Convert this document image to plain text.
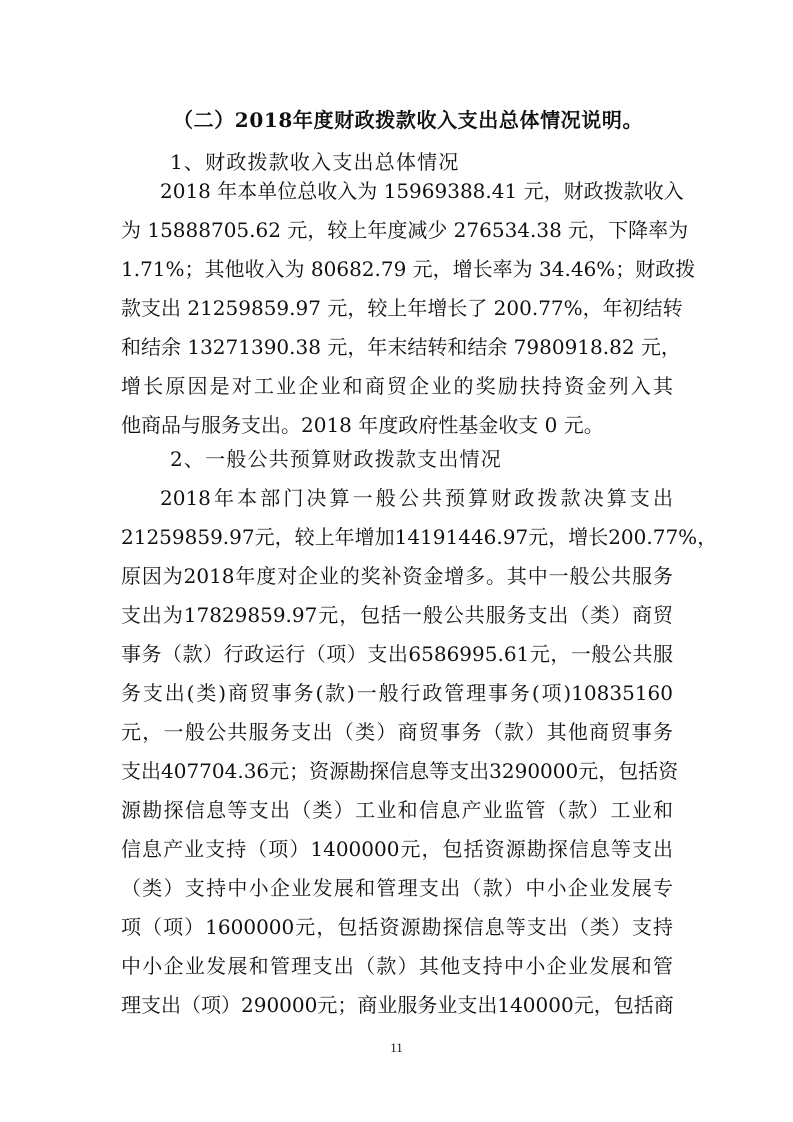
（二）2018年度财政拨款收入支出总体情况说明。
1、财政拨款收入支出总体情况
2018 年本单位总收入为 15969388.41 元，财政拨款收入
为 15888705.62 元，较上年度减少 276534.38 元，下降率为
1.71%；其他收入为 80682.79 元，增长率为 34.46%；财政拨
款支出 21259859.97 元，较上年增长了 200.77%，年初结转
和结余 13271390.38 元，年末结转和结余 7980918.82 元，
增长原因是对工业企业和商贸企业的奖励扶持资金列入其
他商品与服务支出。2018 年度政府性基金收支 0 元。
2、一般公共预算财政拨款支出情况
2018年本部门决算一般公共预算财政拨款决算支出
21259859.97元，较上年增加14191446.97元，增长200.77%，
原因为2018年度对企业的奖补资金增多。其中一般公共服务
支出为17829859.97元，包括一般公共服务支出（类）商贸
事务（款）行政运行（项）支出6586995.61元，一般公共服
务支出(类)商贸事务(款)一般行政管理事务(项)10835160
元，一般公共服务支出（类）商贸事务（款）其他商贸事务
支出407704.36元；资源勘探信息等支出3290000元，包括资
源勘探信息等支出（类）工业和信息产业监管（款）工业和
信息产业支持（项）1400000元，包括资源勘探信息等支出
（类）支持中小企业发展和管理支出（款）中小企业发展专
项（项）1600000元，包括资源勘探信息等支出（类）支持
中小企业发展和管理支出（款）其他支持中小企业发展和管
理支出（项）290000元；商业服务业支出140000元，包括商
11
